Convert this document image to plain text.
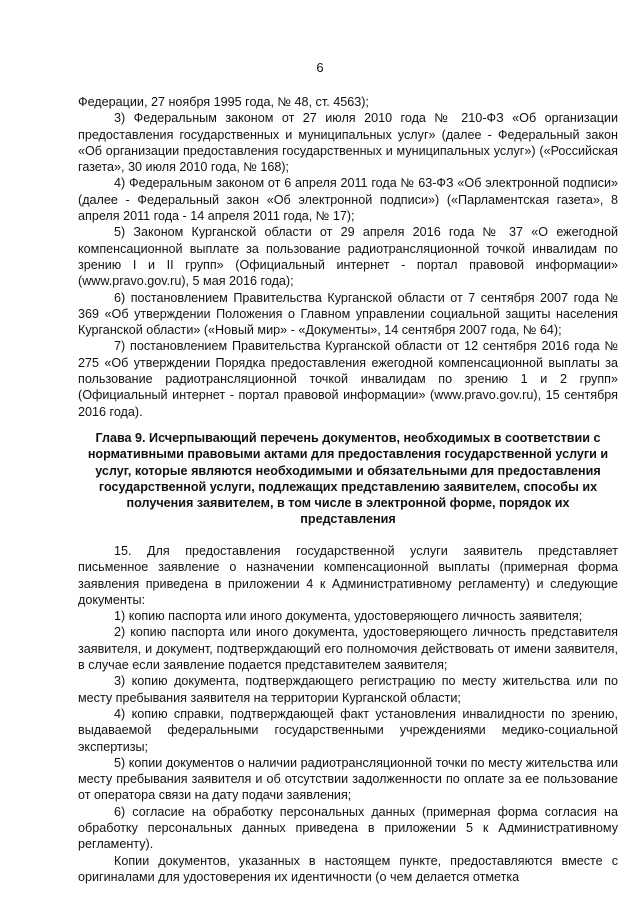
6

Федерации, 27 ноября 1995 года, № 48, ст. 4563);

3) Федеральным законом от 27 июля 2010 года № 210-ФЗ «Об организации предоставления государственных и муниципальных услуг» (далее - Федеральный закон «Об организации предоставления государственных и муниципальных услуг») («Российская газета», 30 июля 2010 года, № 168);

4) Федеральным законом от 6 апреля 2011 года № 63-ФЗ «Об электронной подписи» (далее - Федеральный закон «Об электронной подписи») («Парламентская газета», 8 апреля 2011 года - 14 апреля 2011 года, № 17);

5) Законом Курганской области от 29 апреля 2016 года № 37 «О ежегодной компенсационной выплате за пользование радиотрансляционной точкой инвалидам по зрению I и II групп» (Официальный интернет - портал правовой информации» (www.pravo.gov.ru), 5 мая 2016 года);

6) постановлением Правительства Курганской области от 7 сентября 2007 года № 369 «Об утверждении Положения о Главном управлении социальной защиты населения Курганской области» («Новый мир» - «Документы», 14 сентября 2007 года, № 64);

7) постановлением Правительства Курганской области от 12 сентября 2016 года № 275 «Об утверждении Порядка предоставления ежегодной компенсационной выплаты за пользование радиотрансляционной точкой инвалидам по зрению 1 и 2 групп» (Официальный интернет - портал правовой информации» (www.pravo.gov.ru), 15 сентября 2016 года).

Глава 9. Исчерпывающий перечень документов, необходимых в соответствии с нормативными правовыми актами для предоставления государственной услуги и услуг, которые являются необходимыми и обязательными для предоставления государственной услуги, подлежащих представлению заявителем, способы их получения заявителем, в том числе в электронной форме, порядок их представления

15. Для предоставления государственной услуги заявитель представляет письменное заявление о назначении компенсационной выплаты (примерная форма заявления приведена в приложении 4 к Административному регламенту) и следующие документы:

1) копию паспорта или иного документа, удостоверяющего личность заявителя;

2) копию паспорта или иного документа, удостоверяющего личность представителя заявителя, и документ, подтверждающий его полномочия действовать от имени заявителя, в случае если заявление подается представителем заявителя;

3) копию документа, подтверждающего регистрацию по месту жительства или по месту пребывания заявителя на территории Курганской области;

4) копию справки, подтверждающей факт установления инвалидности по зрению, выдаваемой федеральными государственными учреждениями медико-социальной экспертизы;

5) копии документов о наличии радиотрансляционной точки по месту жительства или месту пребывания заявителя и об отсутствии задолженности по оплате за ее пользование от оператора связи на дату подачи заявления;

6) согласие на обработку персональных данных (примерная форма согласия на обработку персональных данных приведена в приложении 5 к Административному регламенту).

Копии документов, указанных в настоящем пункте, предоставляются вместе с оригиналами для удостоверения их идентичности (о чем делается отметка
